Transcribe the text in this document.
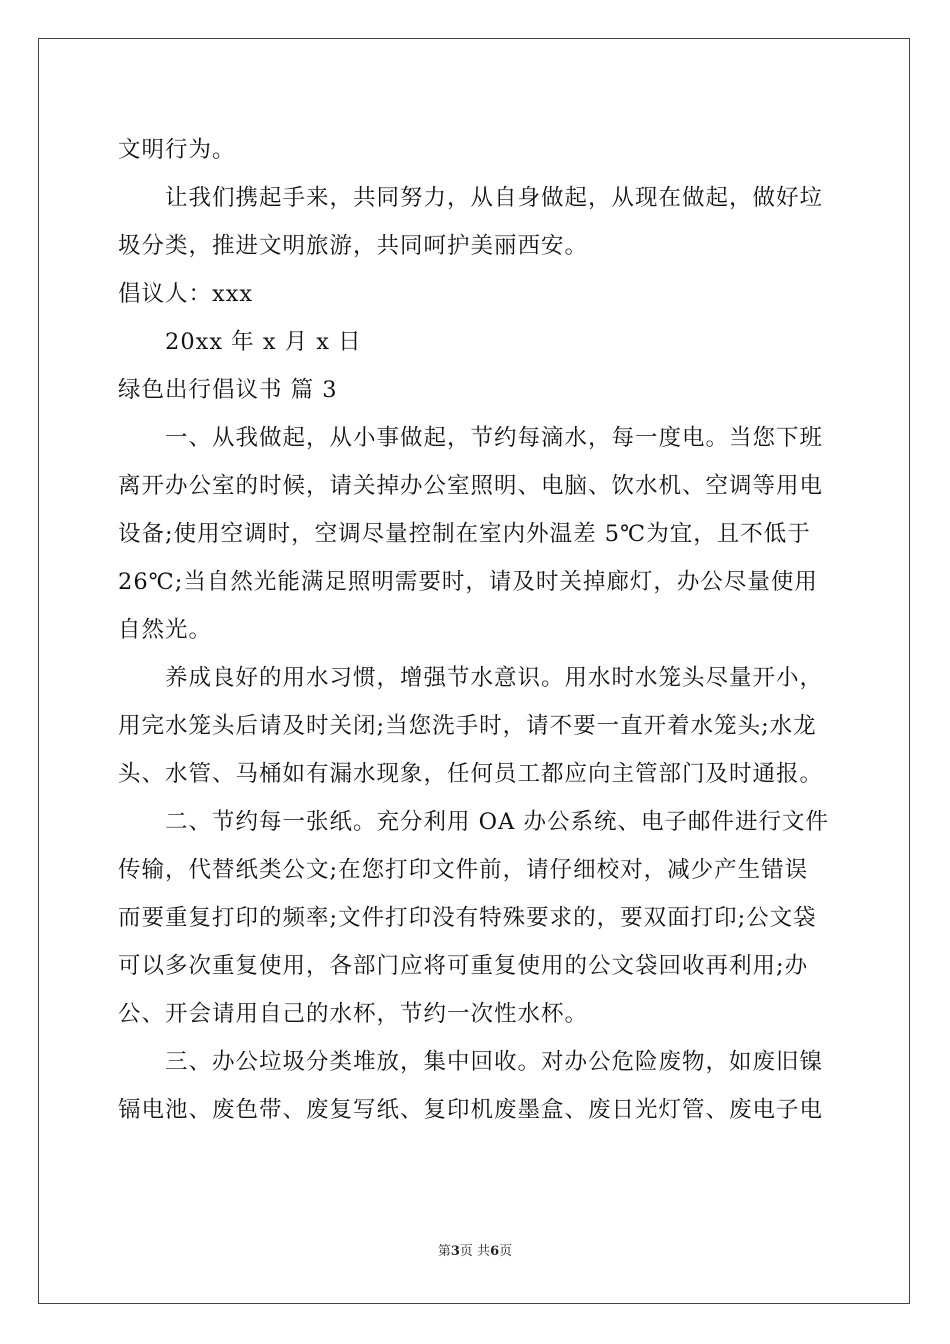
文明行为。
让我们携起手来，共同努力，从自身做起，从现在做起，做好垃
圾分类，推进文明旅游，共同呵护美丽西安。
倡议人：xxx
20xx 年 x 月 x 日
绿色出行倡议书 篇 3
一、从我做起，从小事做起，节约每滴水，每一度电。当您下班
离开办公室的时候，请关掉办公室照明、电脑、饮水机、空调等用电
设备;使用空调时，空调尽量控制在室内外温差 5℃为宜，且不低于
26℃;当自然光能满足照明需要时，请及时关掉廊灯，办公尽量使用
自然光。
养成良好的用水习惯，增强节水意识。用水时水笼头尽量开小，
用完水笼头后请及时关闭;当您洗手时，请不要一直开着水笼头;水龙
头、水管、马桶如有漏水现象，任何员工都应向主管部门及时通报。
二、节约每一张纸。充分利用 OA 办公系统、电子邮件进行文件
传输，代替纸类公文;在您打印文件前，请仔细校对，减少产生错误
而要重复打印的频率;文件打印没有特殊要求的，要双面打印;公文袋
可以多次重复使用，各部门应将可重复使用的公文袋回收再利用;办
公、开会请用自己的水杯，节约一次性水杯。
三、办公垃圾分类堆放，集中回收。对办公危险废物，如废旧镍
镉电池、废色带、废复写纸、复印机废墨盒、废日光灯管、废电子电
第3页 共6页
